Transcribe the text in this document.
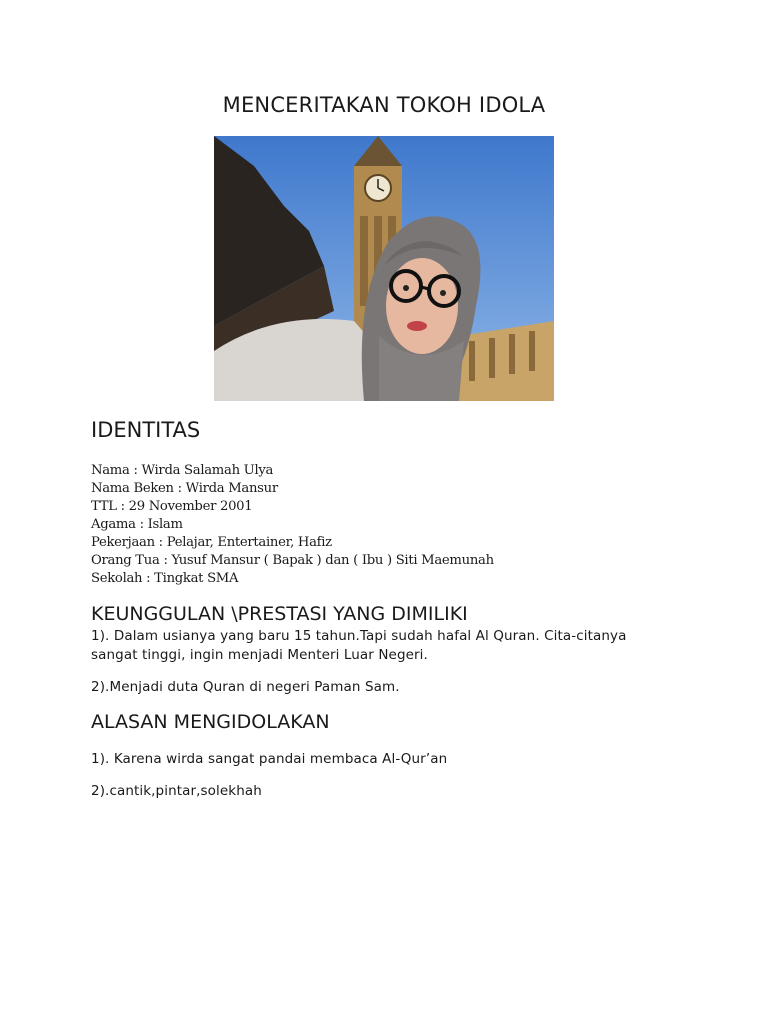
MENCERITAKAN TOKOH IDOLA
IDENTITAS
Nama : Wirda Salamah Ulya
Nama Beken : Wirda Mansur
TTL : 29 November 2001
Agama : Islam
Pekerjaan : Pelajar, Entertainer, Hafiz
Orang Tua : Yusuf Mansur ( Bapak ) dan ( Ibu ) Siti Maemunah
Sekolah : Tingkat SMA
KEUNGGULAN \PRESTASI YANG DIMILIKI
1). Dalam usianya yang baru 15 tahun.Tapi sudah hafal Al Quran. Cita-citanya sangat tinggi, ingin menjadi Menteri Luar Negeri.
2).Menjadi duta Quran di negeri Paman Sam.
ALASAN MENGIDOLAKAN
1). Karena wirda sangat pandai membaca Al-Qur’an
2).cantik,pintar,solekhah
